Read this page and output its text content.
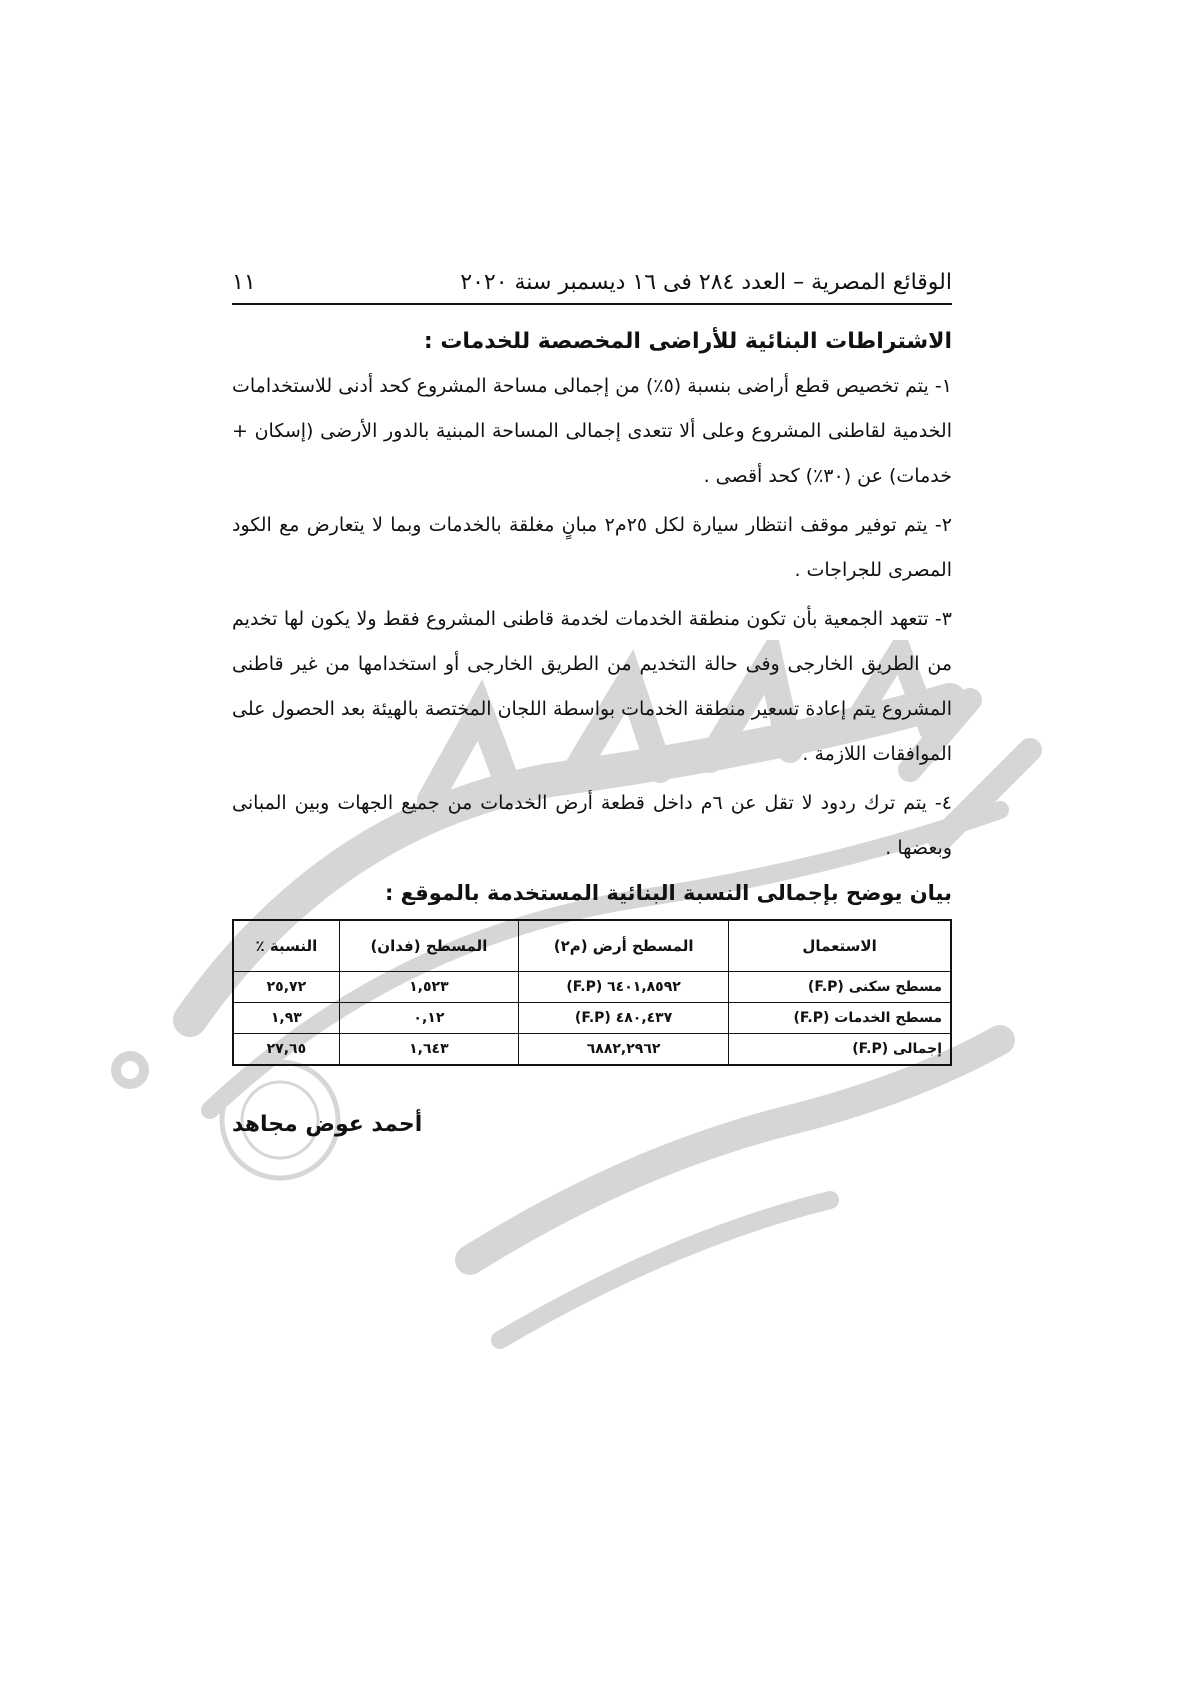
الوقائع المصرية – العدد ٢٨٤ فى ١٦ ديسمبر سنة ٢٠٢٠
١١
الاشتراطات البنائية للأراضى المخصصة للخدمات :
١- يتم تخصيص قطع أراضى بنسبة (٥٪) من إجمالى مساحة المشروع كحد أدنى للاستخدامات الخدمية لقاطنى المشروع وعلى ألا تتعدى إجمالى المساحة المبنية بالدور الأرضى (إسكان + خدمات) عن (٣٠٪) كحد أقصى .
٢- يتم توفير موقف انتظار سيارة لكل ٢٥م٢ مبانٍ مغلقة بالخدمات وبما لا يتعارض مع الكود المصرى للجراجات .
٣- تتعهد الجمعية بأن تكون منطقة الخدمات لخدمة قاطنى المشروع فقط ولا يكون لها تخديم من الطريق الخارجى وفى حالة التخديم من الطريق الخارجى أو استخدامها من غير قاطنى المشروع يتم إعادة تسعير منطقة الخدمات بواسطة اللجان المختصة بالهيئة بعد الحصول على الموافقات اللازمة .
٤- يتم ترك ردود لا تقل عن ٦م داخل قطعة أرض الخدمات من جميع الجهات وبين المبانى وبعضها .
بيان يوضح بإجمالى النسبة البنائية المستخدمة بالموقع :
الاستعمال	المسطح أرض (م٢)	المسطح (فدان)	النسبة ٪
مسطح سكنى (F.P)	٦٤٠١,٨٥٩٢ (F.P)	١,٥٢٣	٢٥,٧٢
مسطح الخدمات (F.P)	٤٨٠,٤٣٧ (F.P)	٠,١٢	١,٩٣
إجمالى (F.P)	٦٨٨٢,٢٩٦٢	١,٦٤٣	٢٧,٦٥
أحمد عوض مجاهد
